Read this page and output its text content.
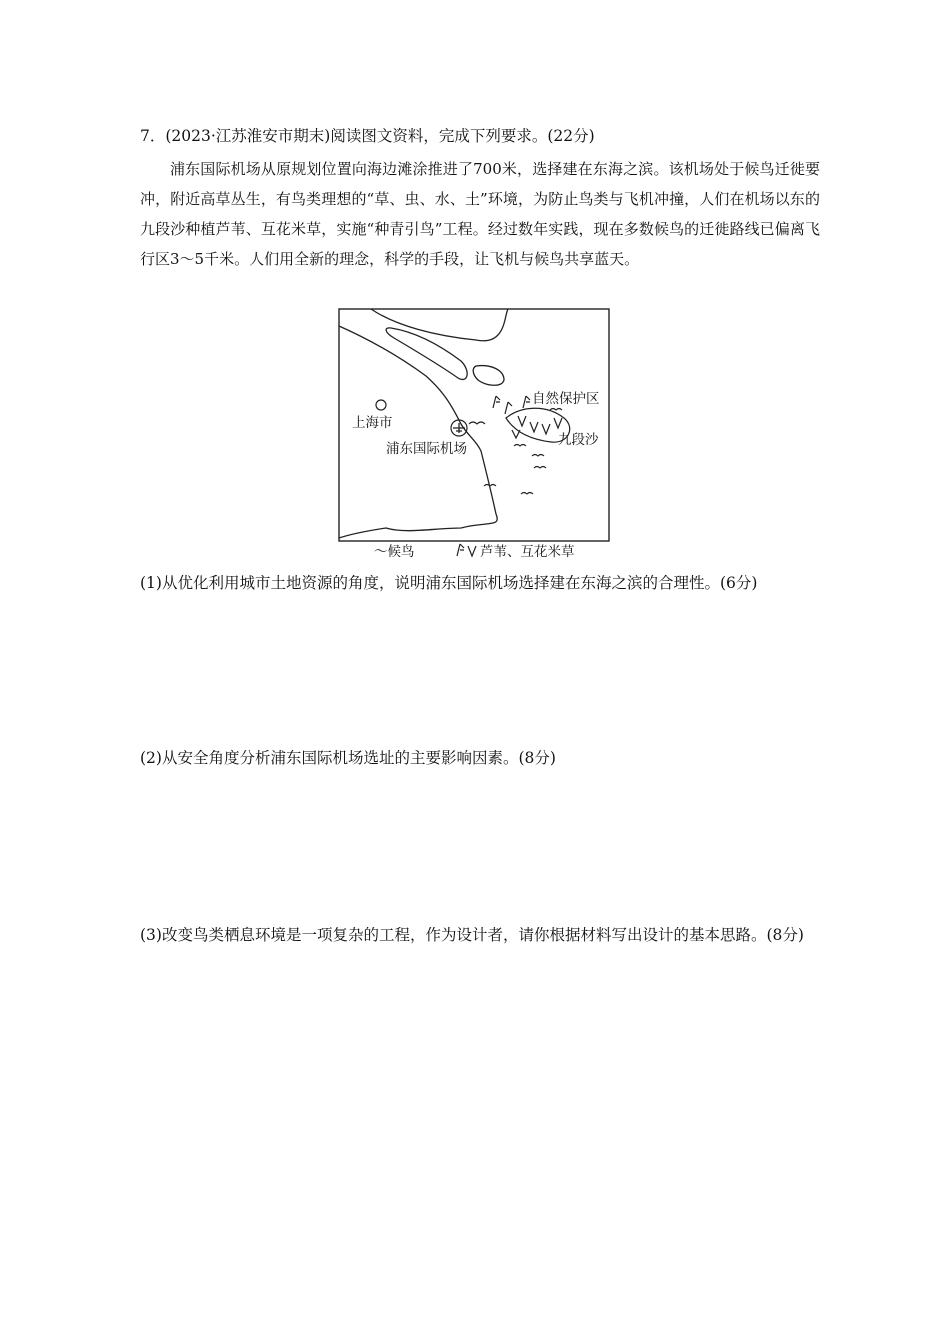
7．(2023·江苏淮安市期末)阅读图文资料，完成下列要求。(22分)

浦东国际机场从原规划位置向海边滩涂推进了700米，选择建在东海之滨。该机场处于候鸟迁徙要冲，附近高草丛生，有鸟类理想的“草、虫、水、土”环境，为防止鸟类与飞机冲撞，人们在机场以东的九段沙种植芦苇、互花米草，实施“种青引鸟”工程。经过数年实践，现在多数候鸟的迁徙路线已偏离飞行区3～5千米。人们用全新的理念，科学的手段，让飞机与候鸟共享蓝天。

上海市
浦东国际机场
自然保护区
九段沙
～候鸟	芦苇、互花米草
(1)从优化利用城市土地资源的角度，说明浦东国际机场选择建在东海之滨的合理性。(6分)
(2)从安全角度分析浦东国际机场选址的主要影响因素。(8分)
(3)改变鸟类栖息环境是一项复杂的工程，作为设计者，请你根据材料写出设计的基本思路。(8分)
